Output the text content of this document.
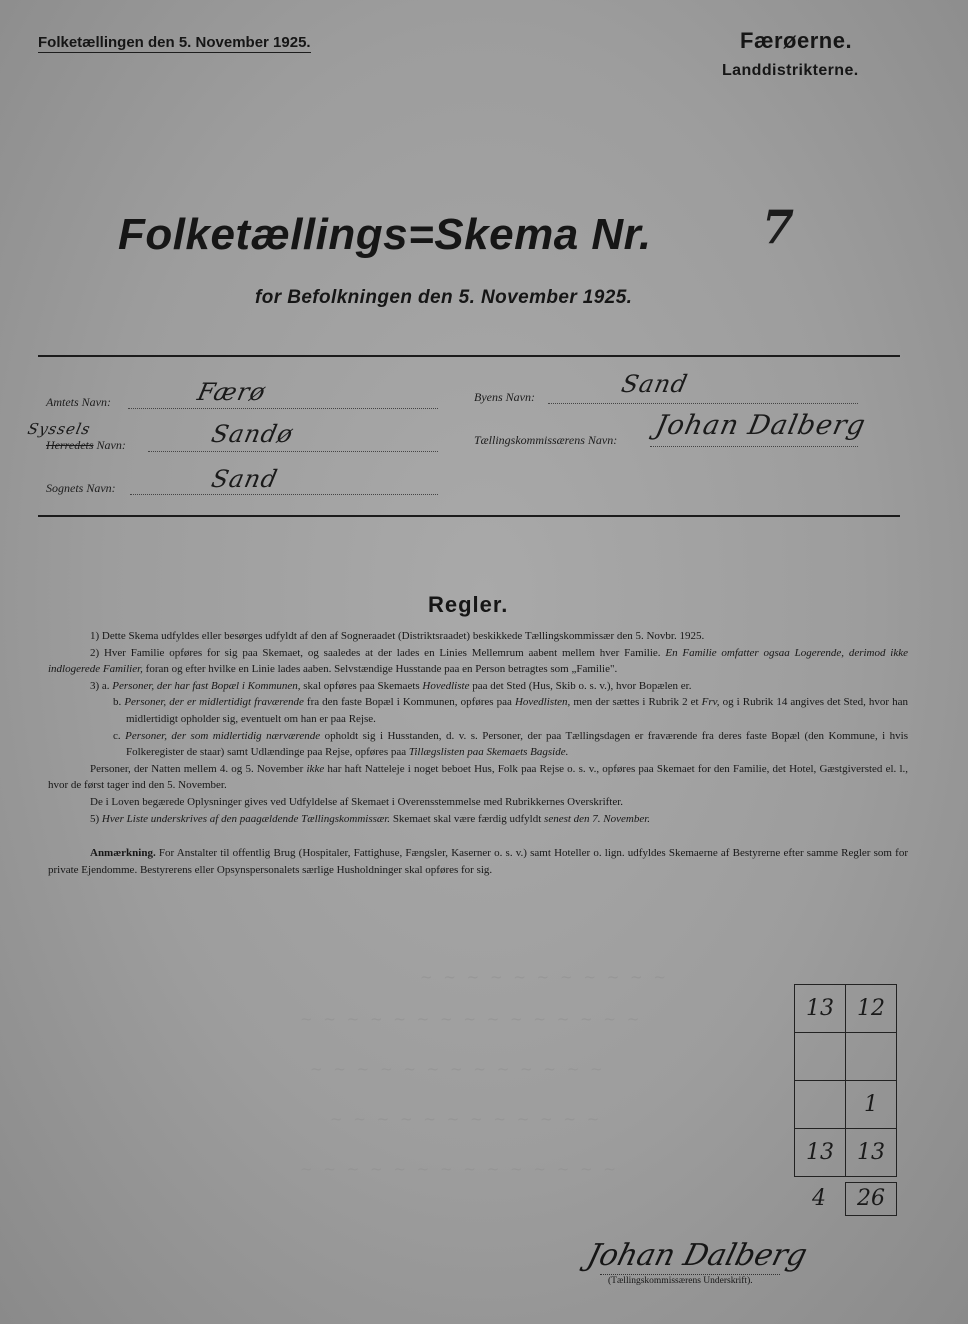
Folketællingen den 5. November 1925.	Færøerne.
Landdistrikterne.
Folketællings=Skema Nr. 7
for Befolkningen den 5. November 1925.
Amtets Navn:	Færø
Syssels
Herredets Navn:	Sandø
Sognets Navn:	Sand
Byens Navn:	Sand
Tællingskommissærens Navn: Johan Dalberg
Regler.

1) Dette Skema udfyldes eller besørges udfyldt af den af Sogneraadet (Distriktsraadet) beskikkede Tællingskommissær den 5. Novbr. 1925.

2) Hver Familie opføres for sig paa Skemaet, og saaledes at der lades en Linies Mellemrum aabent mellem hver Familie. En Familie omfatter ogsaa Logerende, derimod ikke indlogerede Familier, foran og efter hvilke en Linie lades aaben. Selvstændige Husstande paa en Person betragtes som „Familie".

3) a. Personer, der har fast Bopæl i Kommunen, skal opføres paa Skemaets Hovedliste paa det Sted (Hus, Skib o. s. v.), hvor Bopælen er.

b. Personer, der er midlertidigt fraværende fra den faste Bopæl i Kommunen, opføres paa Hovedlisten, men der sættes i Rubrik 2 et Frv, og i Rubrik 14 angives det Sted, hvor han midlertidigt opholder sig, eventuelt om han er paa Rejse.

c. Personer, der som midlertidig nærværende opholdt sig i Husstanden, d. v. s. Personer, der paa Tællingsdagen er fraværende fra deres faste Bopæl (den Kommune, i hvis Folkeregister de staar) samt Udlændinge paa Rejse, opføres paa Tillægslisten paa Skemaets Bagside.

Personer, der Natten mellem 4. og 5. November ikke har haft Natteleje i noget beboet Hus, Folk paa Rejse o. s. v., opføres paa Skemaet for den Familie, det Hotel, Gæstgiversted el. l., hvor de først tager ind den 5. November.

De i Loven begærede Oplysninger gives ved Udfyldelse af Skemaet i Overensstemmelse med Rubrikkernes Overskrifter.

5) Hver Liste underskrives af den paagældende Tællingskommissær. Skemaet skal være færdig udfyldt senest den 7. November.

Anmærkning. For Anstalter til offentlig Brug (Hospitaler, Fattighuse, Fængsler, Kaserner o. s. v.) samt Hoteller o. lign. udfyldes Skemaerne af Bestyrerne efter samme Regler som for private Ejendomme. Bestyrerens eller Opsynspersonalets særlige Husholdninger skal opføres for sig.

~ ~ ~ ~ ~ ~ ~ ~ ~ ~ ~
~ ~ ~ ~ ~ ~ ~ ~ ~ ~ ~ ~ ~ ~ ~
~ ~ ~ ~ ~ ~ ~ ~ ~ ~ ~ ~ ~
~ ~ ~ ~ ~ ~ ~ ~ ~ ~ ~ ~
~ ~ ~ ~ ~ ~ ~ ~ ~ ~ ~ ~ ~ ~
13	12

	1
13	13
4	26
Johan Dalberg
(Tællingskommissærens Underskrift).
